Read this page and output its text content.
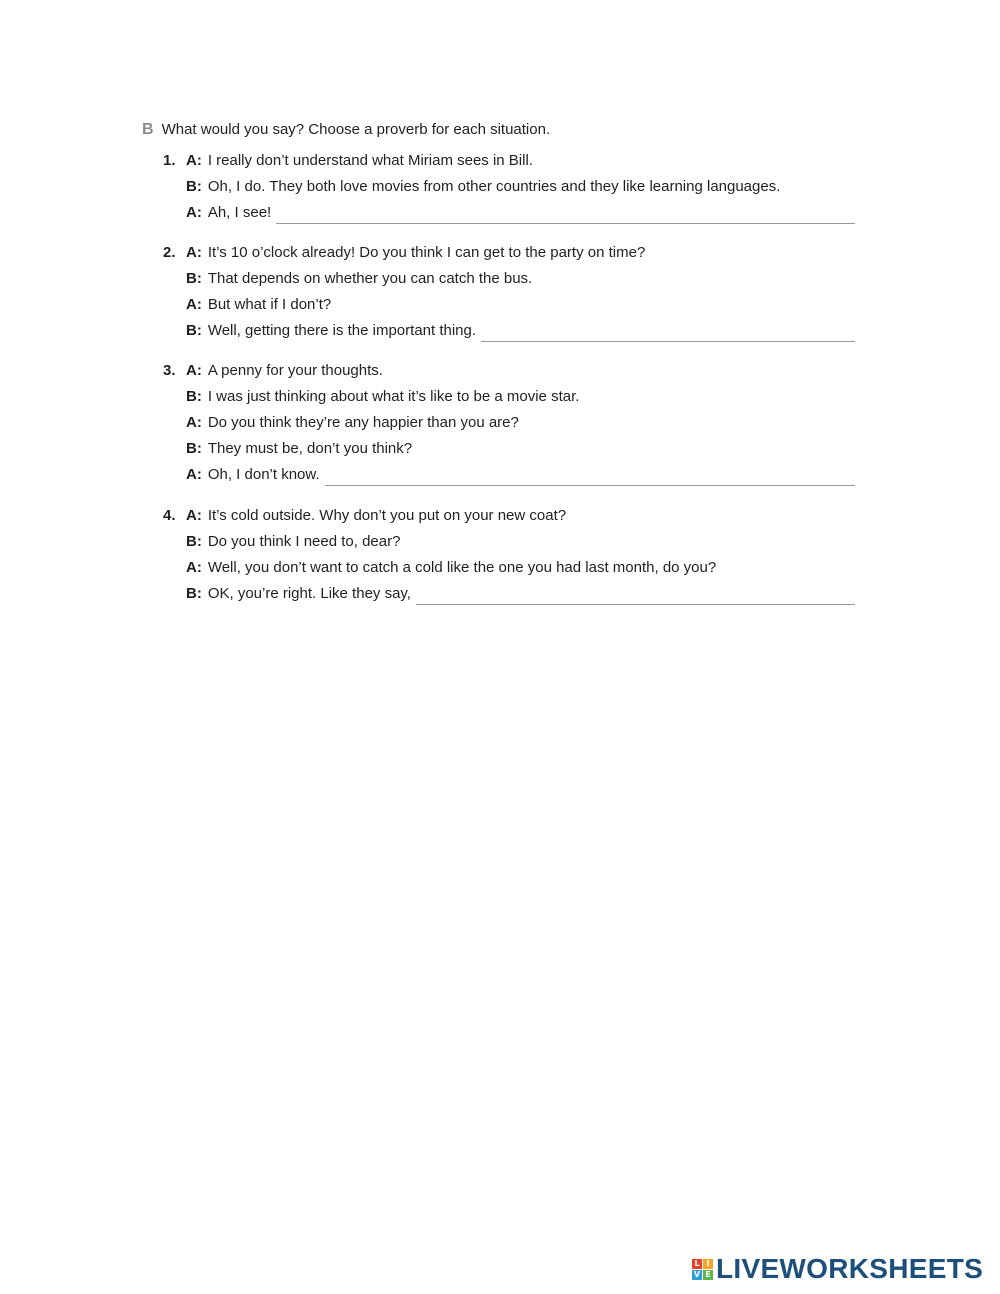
B What would you say? Choose a proverb for each situation.
1. A: I really don’t understand what Miriam sees in Bill.
B: Oh, I do. They both love movies from other countries and they like learning languages.
A: Ah, I see!
2. A: It’s 10 o’clock already! Do you think I can get to the party on time?
B: That depends on whether you can catch the bus.
A: But what if I don’t?
B: Well, getting there is the important thing.
3. A: A penny for your thoughts.
B: I was just thinking about what it’s like to be a movie star.
A: Do you think they’re any happier than you are?
B: They must be, don’t you think?
A: Oh, I don’t know.
4. A: It’s cold outside. Why don’t you put on your new coat?
B: Do you think I need to, dear?
A: Well, you don’t want to catch a cold like the one you had last month, do you?
B: OK, you’re right. Like they say,
L I
V E LIVEWORKSHEETS
